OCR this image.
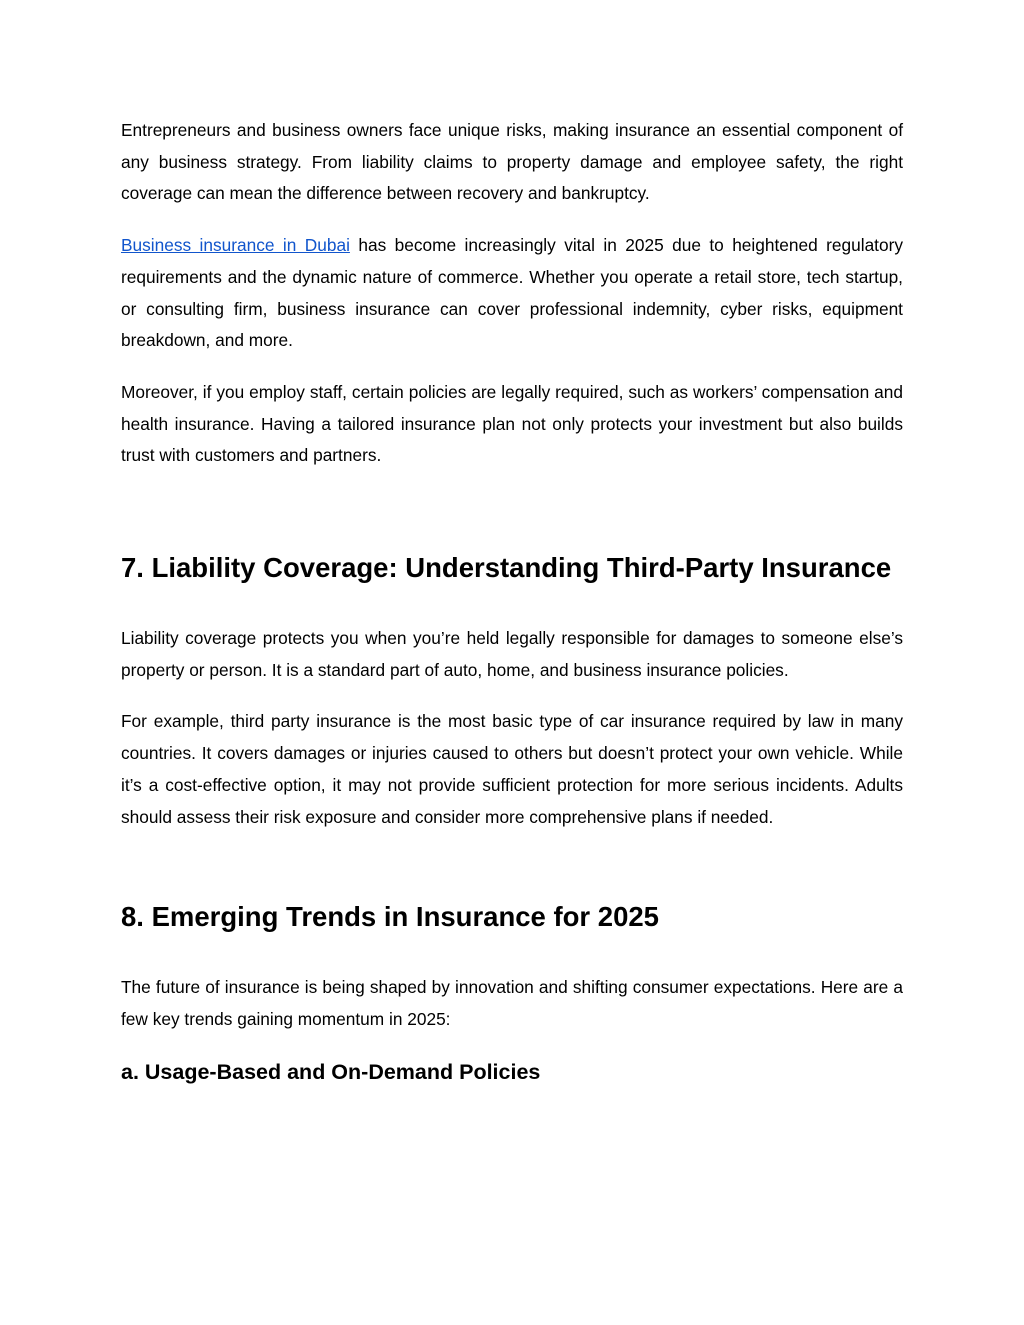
Entrepreneurs and business owners face unique risks, making insurance an essential component of any business strategy. From liability claims to property damage and employee safety, the right coverage can mean the difference between recovery and bankruptcy.

Business insurance in Dubai has become increasingly vital in 2025 due to heightened regulatory requirements and the dynamic nature of commerce. Whether you operate a retail store, tech startup, or consulting firm, business insurance can cover professional indemnity, cyber risks, equipment breakdown, and more.

Moreover, if you employ staff, certain policies are legally required, such as workers’ compensation and health insurance. Having a tailored insurance plan not only protects your investment but also builds trust with customers and partners.

7. Liability Coverage: Understanding Third-Party Insurance

Liability coverage protects you when you’re held legally responsible for damages to someone else’s property or person. It is a standard part of auto, home, and business insurance policies.

For example, third party insurance is the most basic type of car insurance required by law in many countries. It covers damages or injuries caused to others but doesn’t protect your own vehicle. While it’s a cost-effective option, it may not provide sufficient protection for more serious incidents. Adults should assess their risk exposure and consider more comprehensive plans if needed.

8. Emerging Trends in Insurance for 2025

The future of insurance is being shaped by innovation and shifting consumer expectations. Here are a few key trends gaining momentum in 2025:

a. Usage-Based and On-Demand Policies
